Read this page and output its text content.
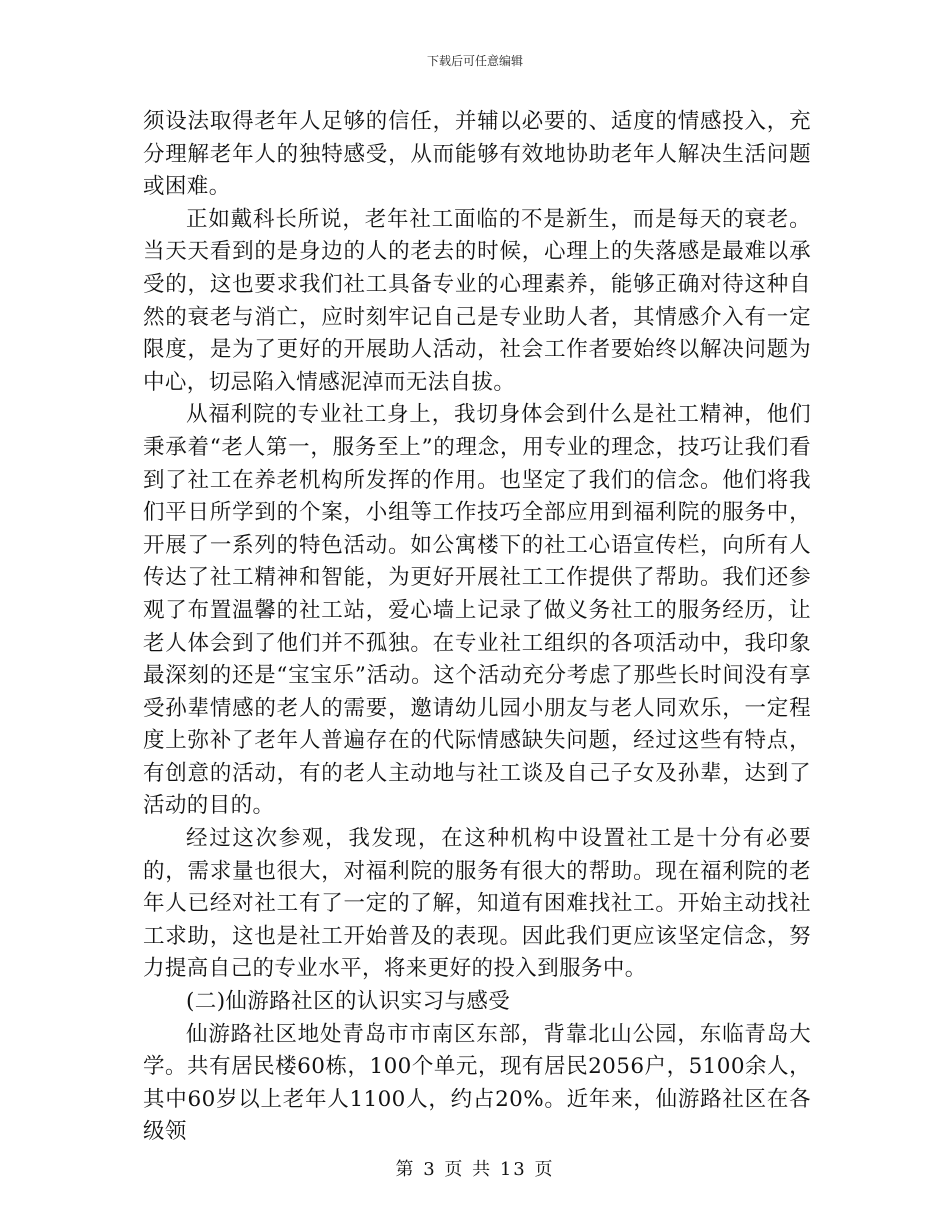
下载后可任意编辑

须设法取得老年人足够的信任，并辅以必要的、适度的情感投入，充分理解老年人的独特感受，从而能够有效地协助老年人解决生活问题或困难。

正如戴科长所说，老年社工面临的不是新生，而是每天的衰老。当天天看到的是身边的人的老去的时候，心理上的失落感是最难以承受的，这也要求我们社工具备专业的心理素养，能够正确对待这种自然的衰老与消亡，应时刻牢记自己是专业助人者，其情感介入有一定限度，是为了更好的开展助人活动，社会工作者要始终以解决问题为中心，切忌陷入情感泥淖而无法自拔。

从福利院的专业社工身上，我切身体会到什么是社工精神，他们秉承着“老人第一，服务至上”的理念，用专业的理念，技巧让我们看到了社工在养老机构所发挥的作用。也坚定了我们的信念。他们将我们平日所学到的个案，小组等工作技巧全部应用到福利院的服务中，开展了一系列的特色活动。如公寓楼下的社工心语宣传栏，向所有人传达了社工精神和智能，为更好开展社工工作提供了帮助。我们还参观了布置温馨的社工站，爱心墙上记录了做义务社工的服务经历，让老人体会到了他们并不孤独。在专业社工组织的各项活动中，我印象最深刻的还是“宝宝乐”活动。这个活动充分考虑了那些长时间没有享受孙辈情感的老人的需要，邀请幼儿园小朋友与老人同欢乐，一定程度上弥补了老年人普遍存在的代际情感缺失问题，经过这些有特点，有创意的活动，有的老人主动地与社工谈及自己子女及孙辈，达到了活动的目的。

经过这次参观，我发现，在这种机构中设置社工是十分有必要的，需求量也很大，对福利院的服务有很大的帮助。现在福利院的老年人已经对社工有了一定的了解，知道有困难找社工。开始主动找社工求助，这也是社工开始普及的表现。因此我们更应该坚定信念，努力提高自己的专业水平，将来更好的投入到服务中。

(二)仙游路社区的认识实习与感受

仙游路社区地处青岛市市南区东部，背靠北山公园，东临青岛大学。共有居民楼60栋，100个单元，现有居民2056户，5100余人，其中60岁以上老年人1100人，约占20%。近年来，仙游路社区在各级领

第 3 页 共 13 页
